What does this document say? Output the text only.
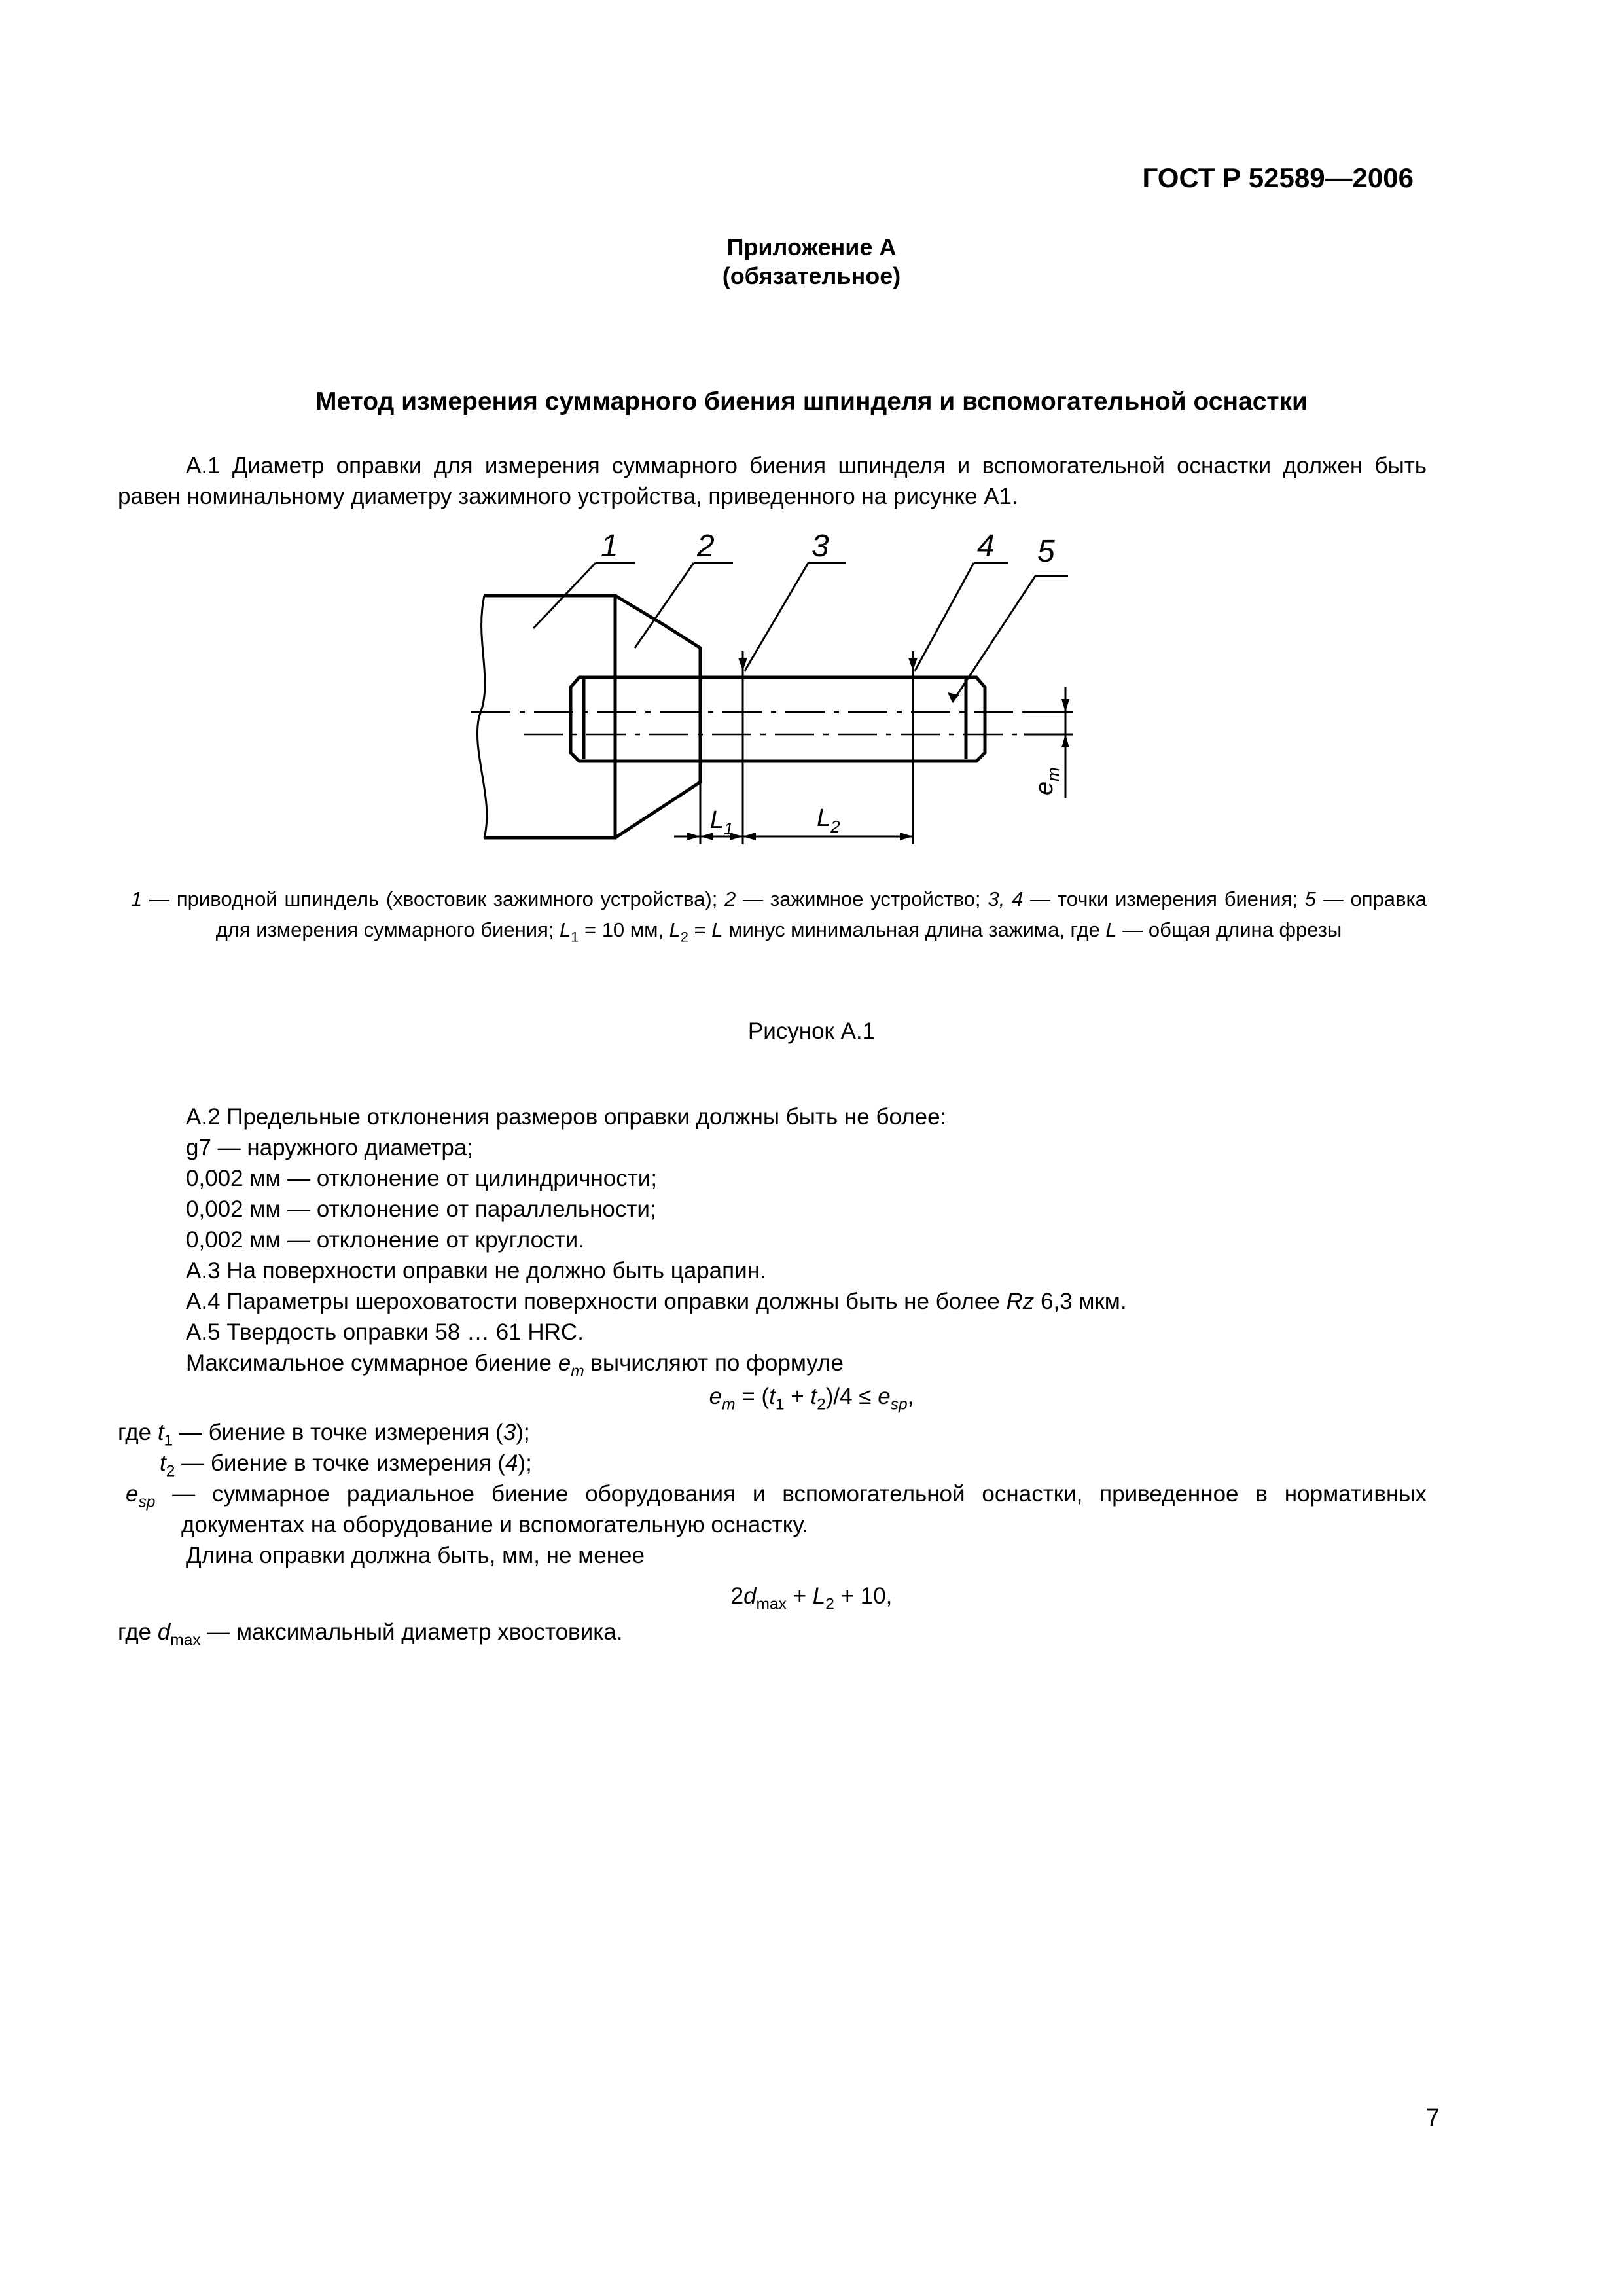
ГОСТ Р 52589—2006
Приложение А
(обязательное)
Метод измерения суммарного биения шпинделя и вспомогательной оснастки
А.1 Диаметр оправки для измерения суммарного биения шпинделя и вспомогательной оснастки должен быть равен номинальному диаметру зажимного устройства, приведенного на рисунке А1.
1	2	3	4 5
$L_1$	$L_2$
$e_m$
1 — приводной шпиндель (хвостовик зажимного устройства); 2 — зажимное устройство; 3, 4 — точки измерения биения; 5 — оправка для измерения суммарного биения; $L_1 = 10$ мм, $L_2 = L$ минус минимальная длина зажима, где L — общая длина фрезы
Рисунок А.1
А.2 Предельные отклонения размеров оправки должны быть не более:
g7 — наружного диаметра;
0,002 мм — отклонение от цилиндричности;
0,002 мм — отклонение от параллельности;
0,002 мм — отклонение от круглости.
А.3 На поверхности оправки не должно быть царапин.
А.4 Параметры шероховатости поверхности оправки должны быть не более Rz 6,3 мкм.
А.5 Твердость оправки 58 … 61 HRC.
Максимальное суммарное биение $e_m$ вычисляют по формуле
$e_m = (t_1 + t_2)/4 \le e_{sp}$,
где $t_1$ — биение в точке измерения (3);
$t_2$ — биение в точке измерения (4);
$e_{sp}$ — суммарное радиальное биение оборудования и вспомогательной оснастки, приведенное в нормативных документах на оборудование и вспомогательную оснастку.
Длина оправки должна быть, мм, не менее
$2d_{max} + L_2 + 10$,
где $d_{max}$ — максимальный диаметр хвостовика.
7
